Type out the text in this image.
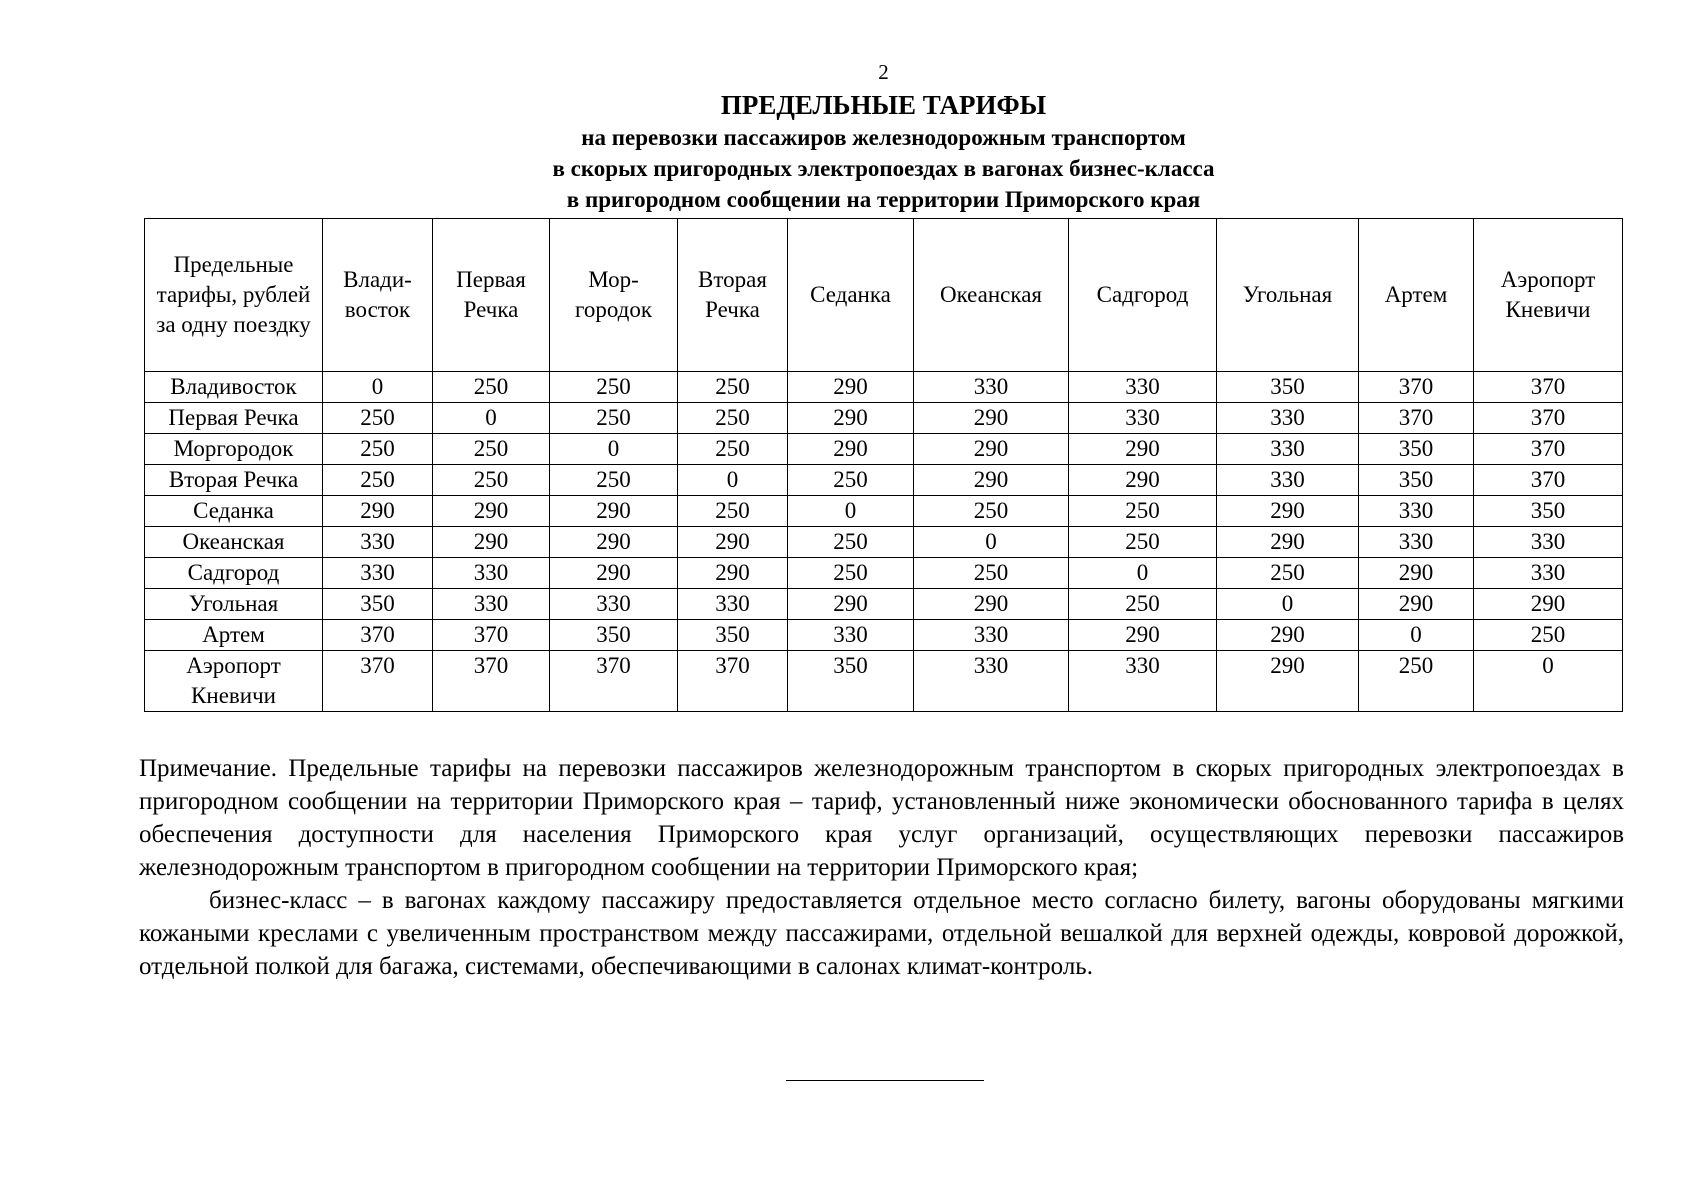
2
ПРЕДЕЛЬНЫЕ ТАРИФЫ
на перевозки пассажиров железнодорожным транспортом
в скорых пригородных электропоездах в вагонах бизнес-класса
в пригородном сообщении на территории Приморского края
Предельные тарифы, рублей за одну поездку	Влади-восток	Первая Речка	Мор-городок	Вторая Речка	Седанка	Океанская	Садгород	Угольная	Артем	Аэропорт Кневичи
Владивосток	0	250	250	250	290	330	330	350	370	370
Первая Речка	250	0	250	250	290	290	330	330	370	370
Моргородок	250	250	0	250	290	290	290	330	350	370
Вторая Речка	250	250	250	0	250	290	290	330	350	370
Седанка	290	290	290	250	0	250	250	290	330	350
Океанская	330	290	290	290	250	0	250	290	330	330
Садгород	330	330	290	290	250	250	0	250	290	330
Угольная	350	330	330	330	290	290	250	0	290	290
Артем	370	370	350	350	330	330	290	290	0	250
Аэропорт Кневичи	370	370	370	370	350	330	330	290	250	0

Примечание. Предельные тарифы на перевозки пассажиров железнодорожным транспортом в скорых пригородных электропоездах в пригородном сообщении на территории Приморского края – тариф, установленный ниже экономически обоснованного тарифа в целях обеспечения доступности для населения Приморского края услуг организаций, осуществляющих перевозки пассажиров железнодорожным транспортом в пригородном сообщении на территории Приморского края;

бизнес-класс – в вагонах каждому пассажиру предоставляется отдельное место согласно билету, вагоны оборудованы мягкими кожаными креслами с увеличенным пространством между пассажирами, отдельной вешалкой для верхней одежды, ковровой дорожкой, отдельной полкой для багажа, системами, обеспечивающими в салонах климат-контроль.
